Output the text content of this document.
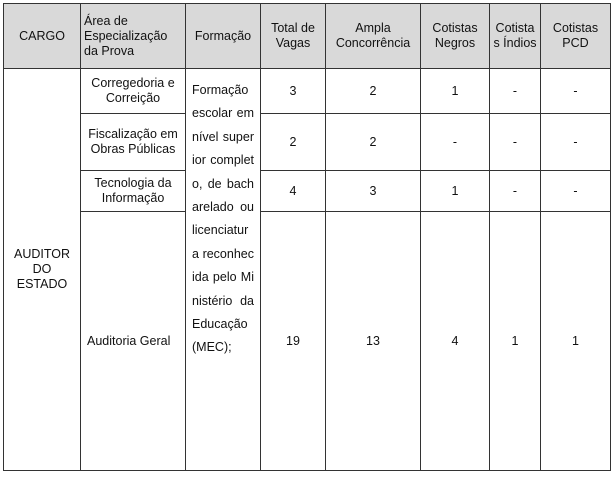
CARGO	Área de Especialização da Prova	Formação	Total de Vagas	Ampla Concorrência	Cotistas Negros	Cotista s Índios	Cotistas PCD
AUDITOR DO ESTADO	Corregedoria e Correição	Formação escolar em nível superior completo, de bacharelado ou licenciatura reconhecida pelo Ministério da Educação (MEC);	3	2	1	-	-
	Fiscalização em Obras Públicas		2	2	-	-	-
	Tecnologia da Informação		4	3	1	-	-
	Auditoria Geral		19	13	4	1	1
